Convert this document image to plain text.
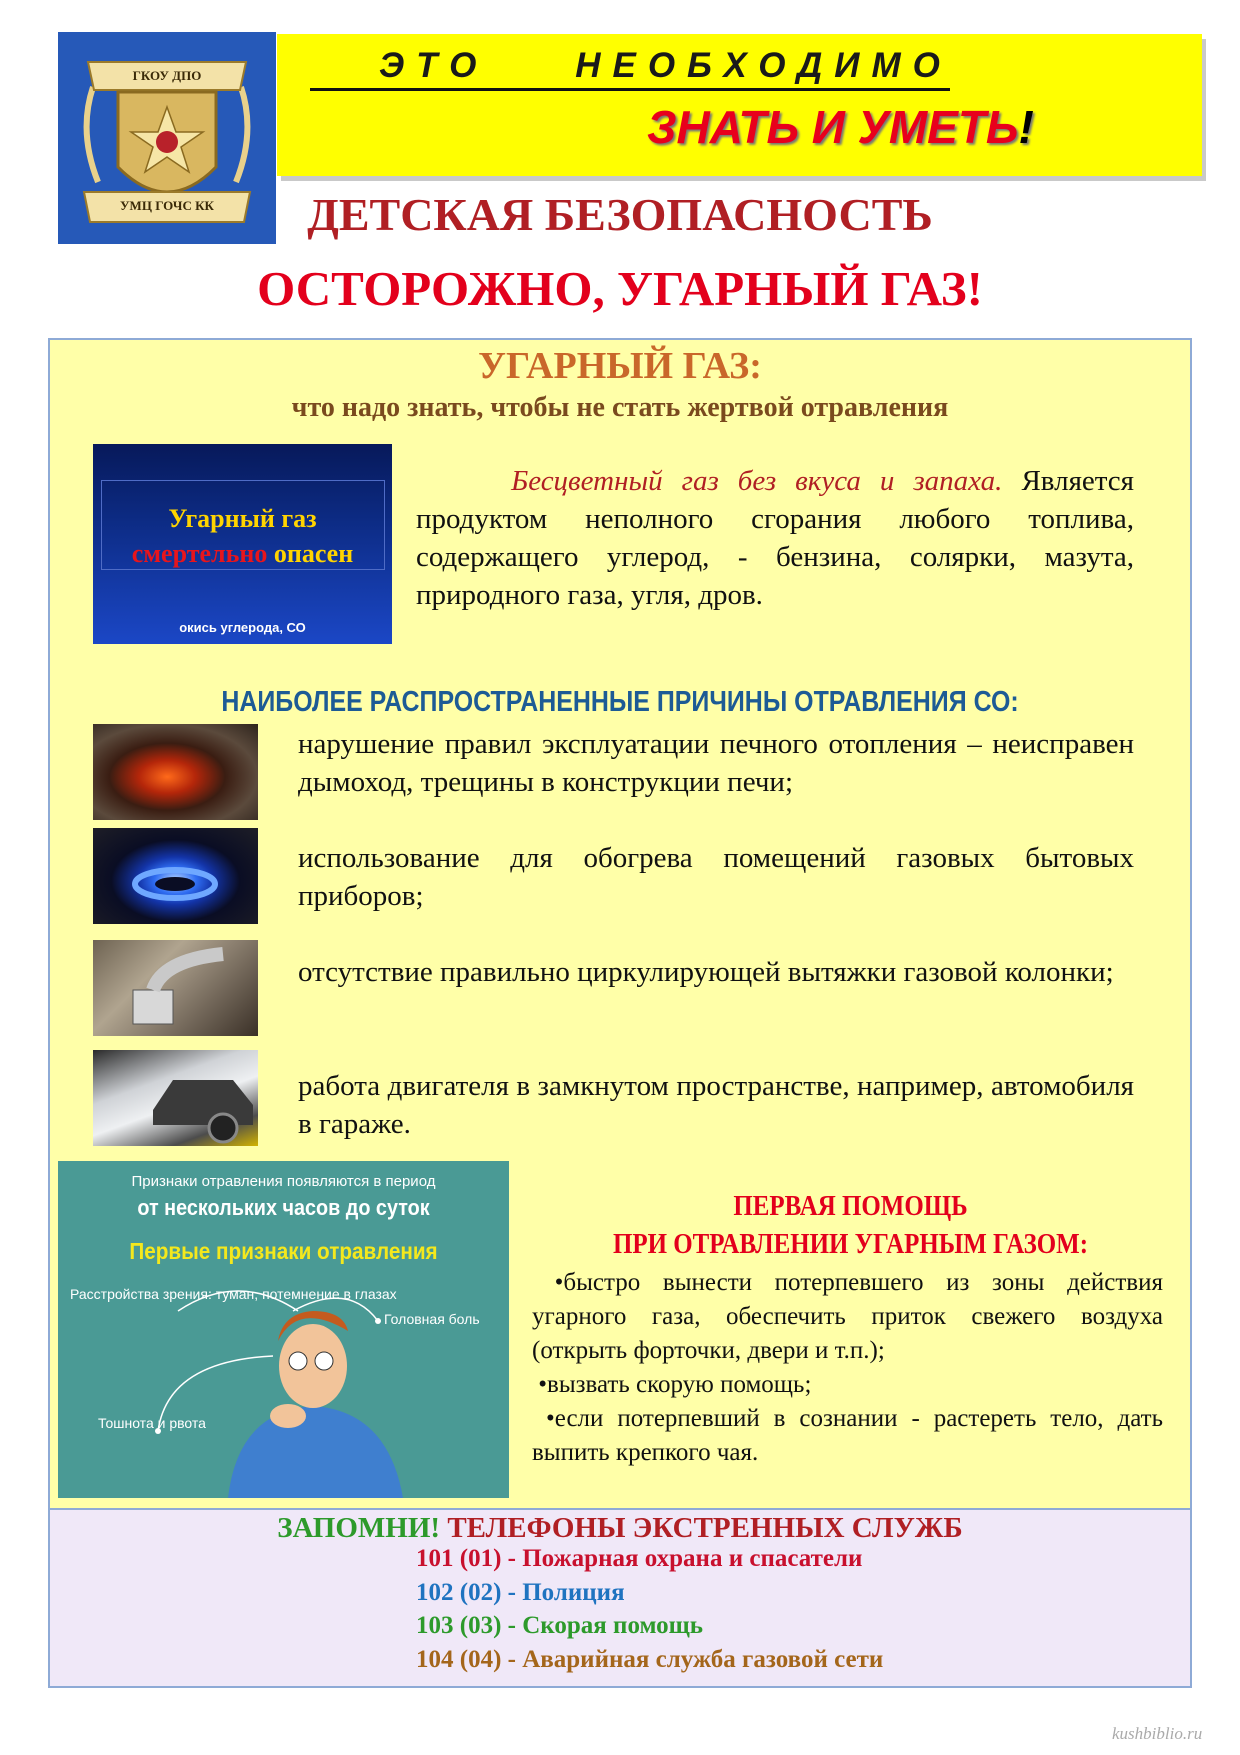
ГКОУ ДПО
УМЦ ГОЧС КК
ЭТО    НЕОБХОДИМО
ЗНАТЬ И УМЕТЬ!
ДЕТСКАЯ БЕЗОПАСНОСТЬ
ОСТОРОЖНО, УГАРНЫЙ ГАЗ!
УГАРНЫЙ ГАЗ:
что надо знать, чтобы не стать жертвой отравления
Угарный газ
смертельно опасен
окись углерода, СО
Бесцветный газ без вкуса и запаха. Является продуктом неполного сгорания любого топлива, содержащего углерод, - бензина, солярки, мазута, природного газа, угля, дров.
НАИБОЛЕЕ РАСПРОСТРАНЕННЫЕ ПРИЧИНЫ ОТРАВЛЕНИЯ СО:
нарушение правил эксплуатации печного отопления – неисправен дымоход, трещины в конструкции печи;
использование для обогрева помещений газовых бытовых приборов;
отсутствие правильно циркулирующей вытяжки газовой колонки;
работа двигателя в замкнутом пространстве, например, автомобиля в гараже.
Признаки отравления появляются в период
от нескольких часов до суток
Первые признаки отравления
Расстройства зрения: туман, потемнение в глазах
Головная боль
Тошнота и рвота
ПЕРВАЯ ПОМОЩЬ
ПРИ ОТРАВЛЕНИИ УГАРНЫМ ГАЗОМ:

•быстро вынести потерпевшего из зоны действия угарного газа, обеспечить приток свежего воздуха (открыть форточки, двери и т.п.);

•вызвать скорую помощь;

•если потерпевший в сознании - растереть тело, дать выпить крепкого чая.

ЗАПОМНИ! ТЕЛЕФОНЫ ЭКСТРЕННЫХ СЛУЖБ
101 (01) - Пожарная охрана и спасатели
102 (02) - Полиция
103 (03) - Скорая помощь
104 (04) - Аварийная служба газовой сети
kushbiblio.ru
